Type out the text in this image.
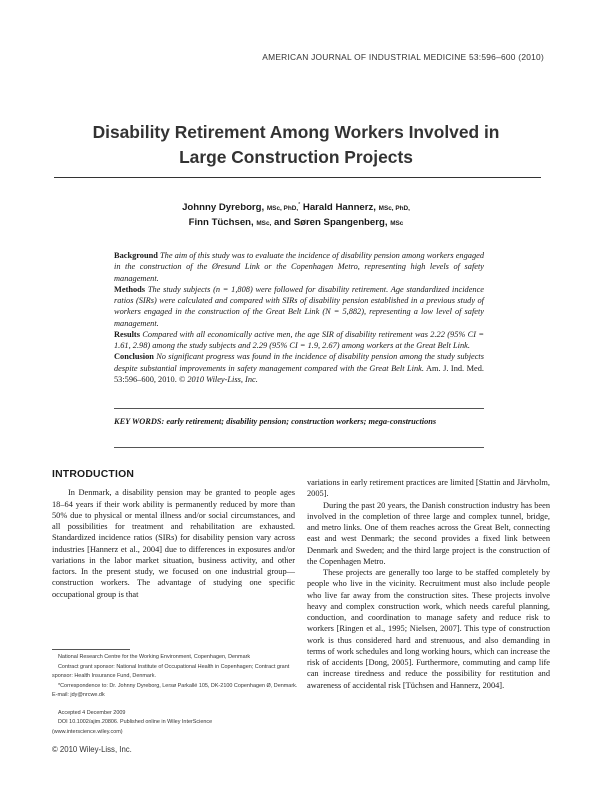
AMERICAN JOURNAL OF INDUSTRIAL MEDICINE 53:596–600 (2010)
Disability Retirement Among Workers Involved in
Large Construction Projects
Johnny Dyreborg, MSc, PhD,* Harald Hannerz, MSc, PhD,
Finn Tüchsen, MSc, and Søren Spangenberg, MSc

Background The aim of this study was to evaluate the incidence of disability pension among workers engaged in the construction of the Øresund Link or the Copenhagen Metro, representing high levels of safety management.

Methods The study subjects (n = 1,808) were followed for disability retirement. Age standardized incidence ratios (SIRs) were calculated and compared with SIRs of disability pension established in a previous study of workers engaged in the construction of the Great Belt Link (N = 5,882), representing a low level of safety management.

Results Compared with all economically active men, the age SIR of disability retirement was 2.22 (95% CI = 1.61, 2.98) among the study subjects and 2.29 (95% CI = 1.9, 2.67) among workers at the Great Belt Link.

Conclusion No significant progress was found in the incidence of disability pension among the study subjects despite substantial improvements in safety management compared with the Great Belt Link. Am. J. Ind. Med. 53:596–600, 2010. © 2010 Wiley-Liss, Inc.

KEY WORDS: early retirement; disability pension; construction workers; mega-constructions

INTRODUCTION

In Denmark, a disability pension may be granted to people ages 18–64 years if their work ability is permanently reduced by more than 50% due to physical or mental illness and/or social circumstances, and all possibilities for treatment and rehabilitation are exhausted. Standardized incidence ratios (SIRs) for disability pension vary across industries [Hannerz et al., 2004] due to differences in exposures and/or variations in the labor market situation, business activity, and other factors. In the present study, we focused on one industrial group—construction workers. The advantage of studying one specific occupational group is that

variations in early retirement practices are limited [Stattin and Järvholm, 2005].

During the past 20 years, the Danish construction industry has been involved in the completion of three large and complex tunnel, bridge, and metro links. One of them reaches across the Great Belt, connecting east and west Denmark; the second provides a fixed link between Denmark and Sweden; and the third large project is the construction of the Copenhagen Metro.

These projects are generally too large to be staffed completely by people who live in the vicinity. Recruitment must also include people who live far away from the construction sites. These projects involve heavy and complex construction work, which needs careful planning, conduction, and coordination to manage safety and reduce risk to workers [Ringen et al., 1995; Nielsen, 2007]. This type of construction work is thus considered hard and strenuous, and also demanding in terms of work schedules and long working hours, which can increase the risk of accidents [Dong, 2005]. Furthermore, commuting and camp life can increase tiredness and reduce the possibility for restitution and awareness of accidental risk [Tüchsen and Hannerz, 2004].

National Research Centre for the Working Environment, Copenhagen, Denmark

Contract grant sponsor: National Institute of Occupational Health in Copenhagen; Contract grant sponsor: Health Insurance Fund, Denmark.

*Correspondence to: Dr. Johnny Dyreborg, Lersø Parkallé 105, DK-2100 Copenhagen Ø, Denmark. E-mail: jdy@nrcwe.dk

Accepted 4 December 2009

DOI 10.1002/ajim.20806. Published online in Wiley InterScience

(www.interscience.wiley.com)

© 2010 Wiley-Liss, Inc.
